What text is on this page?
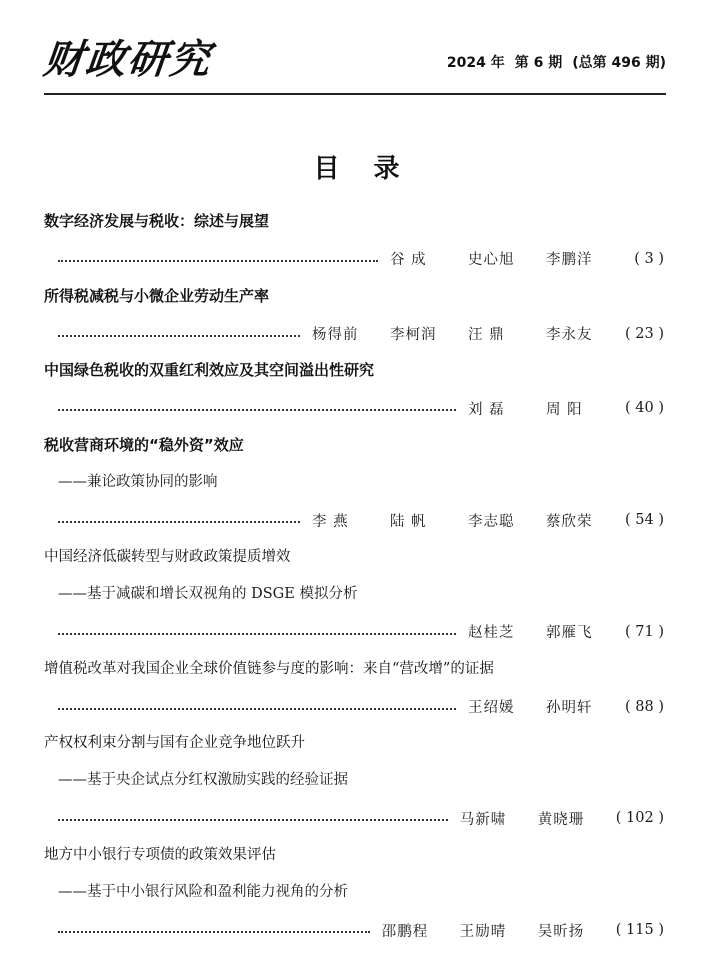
财政研究	2024 年 第 6 期 (总第 496 期)
目录
数字经济发展与税收：综述与展望
谷 成	史心旭	李鹏洋	( 3 )
所得税减税与小微企业劳动生产率
杨得前	李柯润	汪 鼎	李永友	( 23 )
中国绿色税收的双重红利效应及其空间溢出性研究
刘 磊	周 阳	( 40 )
税收营商环境的“稳外资”效应
——兼论政策协同的影响
李 燕	陆 帆	李志聪	蔡欣荣	( 54 )
中国经济低碳转型与财政政策提质增效
——基于减碳和增长双视角的 DSGE 模拟分析
赵桂芝	郭雁飞	( 71 )
增值税改革对我国企业全球价值链参与度的影响：来自“营改增”的证据
王绍媛	孙明轩	( 88 )
产权权利束分割与国有企业竞争地位跃升
——基于央企试点分红权激励实践的经验证据
马新啸	黄晓珊	( 102 )
地方中小银行专项债的政策效果评估
——基于中小银行风险和盈利能力视角的分析
邵鹏程	王励晴	吴昕扬	( 115 )
